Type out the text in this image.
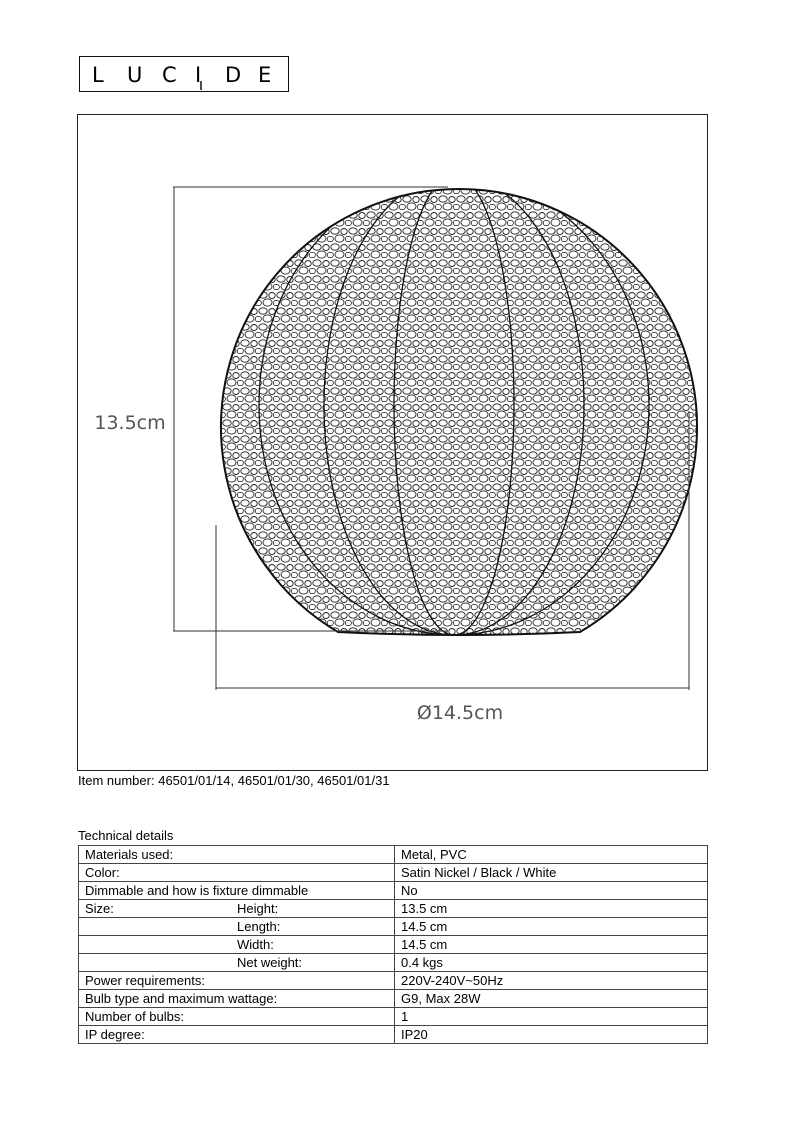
L U C I D E
13.5cm
Ø14.5cm
Item number: 46501/01/14, 46501/01/30, 46501/01/31
Technical details
Materials used:	Metal, PVC
Color:	Satin Nickel / Black / White
Dimmable and how is fixture dimmable	No
Size: Height:	13.5 cm
Length:	14.5 cm
Width:	14.5 cm
Net weight:	0.4 kgs
Power requirements:	220V-240V~50Hz
Bulb type and maximum wattage:	G9, Max 28W
Number of bulbs:	1
IP degree:	IP20
